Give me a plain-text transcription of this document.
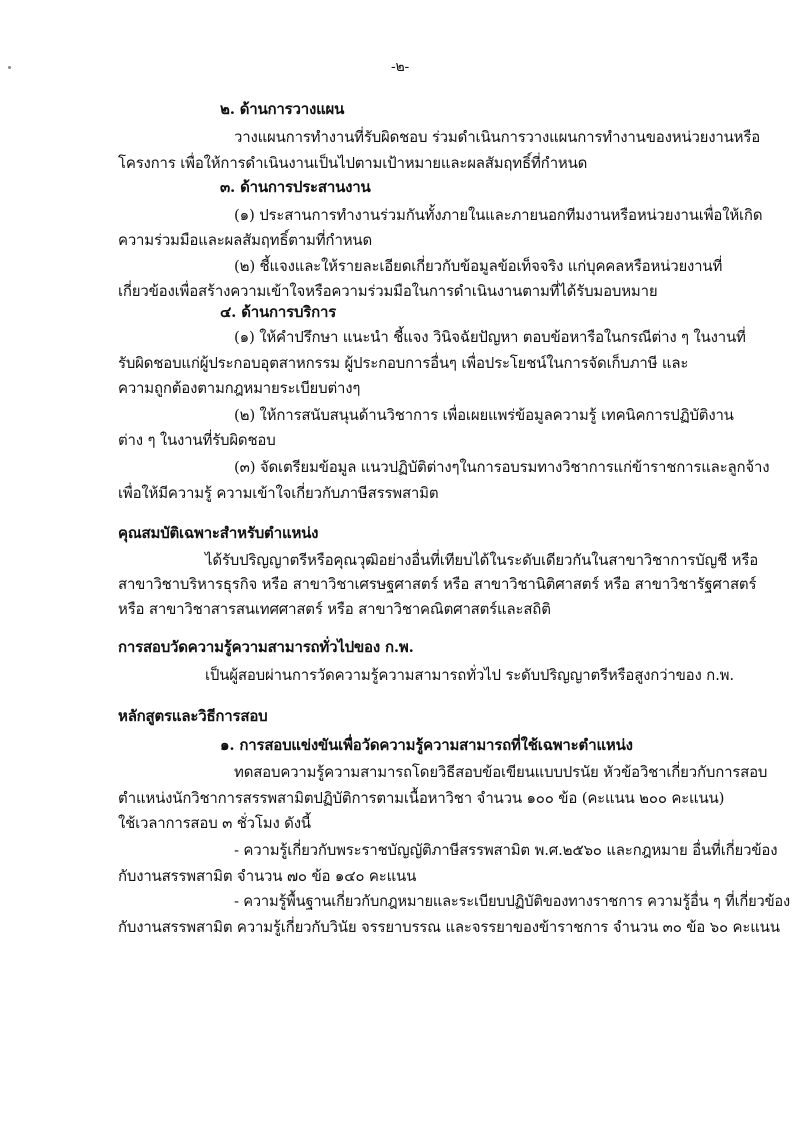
-๒-
๒. ด้านการวางแผน
วางแผนการทำงานที่รับผิดชอบ ร่วมดำเนินการวางแผนการทำงานของหน่วยงานหรือ
โครงการ เพื่อให้การดำเนินงานเป็นไปตามเป้าหมายและผลสัมฤทธิ์ที่กำหนด
๓. ด้านการประสานงาน
(๑) ประสานการทำงานร่วมกันทั้งภายในและภายนอกทีมงานหรือหน่วยงานเพื่อให้เกิด
ความร่วมมือและผลสัมฤทธิ์ตามที่กำหนด
(๒) ชี้แจงและให้รายละเอียดเกี่ยวกับข้อมูลข้อเท็จจริง แก่บุคคลหรือหน่วยงานที่
เกี่ยวข้องเพื่อสร้างความเข้าใจหรือความร่วมมือในการดำเนินงานตามที่ได้รับมอบหมาย
๔. ด้านการบริการ
(๑) ให้คำปรึกษา แนะนำ ชี้แจง วินิจฉัยปัญหา ตอบข้อหารือในกรณีต่าง ๆ ในงานที่
รับผิดชอบแก่ผู้ประกอบอุตสาหกรรม ผู้ประกอบการอื่นๆ เพื่อประโยชน์ในการจัดเก็บภาษี และ
ความถูกต้องตามกฎหมายระเบียบต่างๆ
(๒) ให้การสนับสนุนด้านวิชาการ เพื่อเผยแพร่ข้อมูลความรู้ เทคนิคการปฏิบัติงาน
ต่าง ๆ ในงานที่รับผิดชอบ
(๓) จัดเตรียมข้อมูล แนวปฏิบัติต่างๆในการอบรมทางวิชาการแก่ข้าราชการและลูกจ้าง
เพื่อให้มีความรู้ ความเข้าใจเกี่ยวกับภาษีสรรพสามิต
คุณสมบัติเฉพาะสำหรับตำแหน่ง
ได้รับปริญญาตรีหรือคุณวุฒิอย่างอื่นที่เทียบได้ในระดับเดียวกันในสาขาวิชาการบัญชี หรือ
สาขาวิชาบริหารธุรกิจ หรือ สาขาวิชาเศรษฐศาสตร์ หรือ สาขาวิชานิติศาสตร์ หรือ สาขาวิชารัฐศาสตร์
หรือ สาขาวิชาสารสนเทศศาสตร์ หรือ สาขาวิชาคณิตศาสตร์และสถิติ
การสอบวัดความรู้ความสามารถทั่วไปของ ก.พ.
เป็นผู้สอบผ่านการวัดความรู้ความสามารถทั่วไป ระดับปริญญาตรีหรือสูงกว่าของ ก.พ.
หลักสูตรและวิธีการสอบ
๑. การสอบแข่งขันเพื่อวัดความรู้ความสามารถที่ใช้เฉพาะตำแหน่ง
ทดสอบความรู้ความสามารถโดยวิธีสอบข้อเขียนแบบปรนัย หัวข้อวิชาเกี่ยวกับการสอบ
ตำแหน่งนักวิชาการสรรพสามิตปฏิบัติการตามเนื้อหาวิชา จำนวน ๑๐๐ ข้อ (คะแนน ๒๐๐ คะแนน)
ใช้เวลาการสอบ ๓ ชั่วโมง ดังนี้
- ความรู้เกี่ยวกับพระราชบัญญัติภาษีสรรพสามิต พ.ศ.๒๕๖๐ และกฎหมาย อื่นที่เกี่ยวข้อง
กับงานสรรพสามิต จำนวน ๗๐ ข้อ ๑๔๐ คะแนน
- ความรู้พื้นฐานเกี่ยวกับกฎหมายและระเบียบปฏิบัติของทางราชการ ความรู้อื่น ๆ ที่เกี่ยวข้อง
กับงานสรรพสามิต ความรู้เกี่ยวกับวินัย จรรยาบรรณ และจรรยาของข้าราชการ จำนวน ๓๐ ข้อ ๖๐ คะแนน
